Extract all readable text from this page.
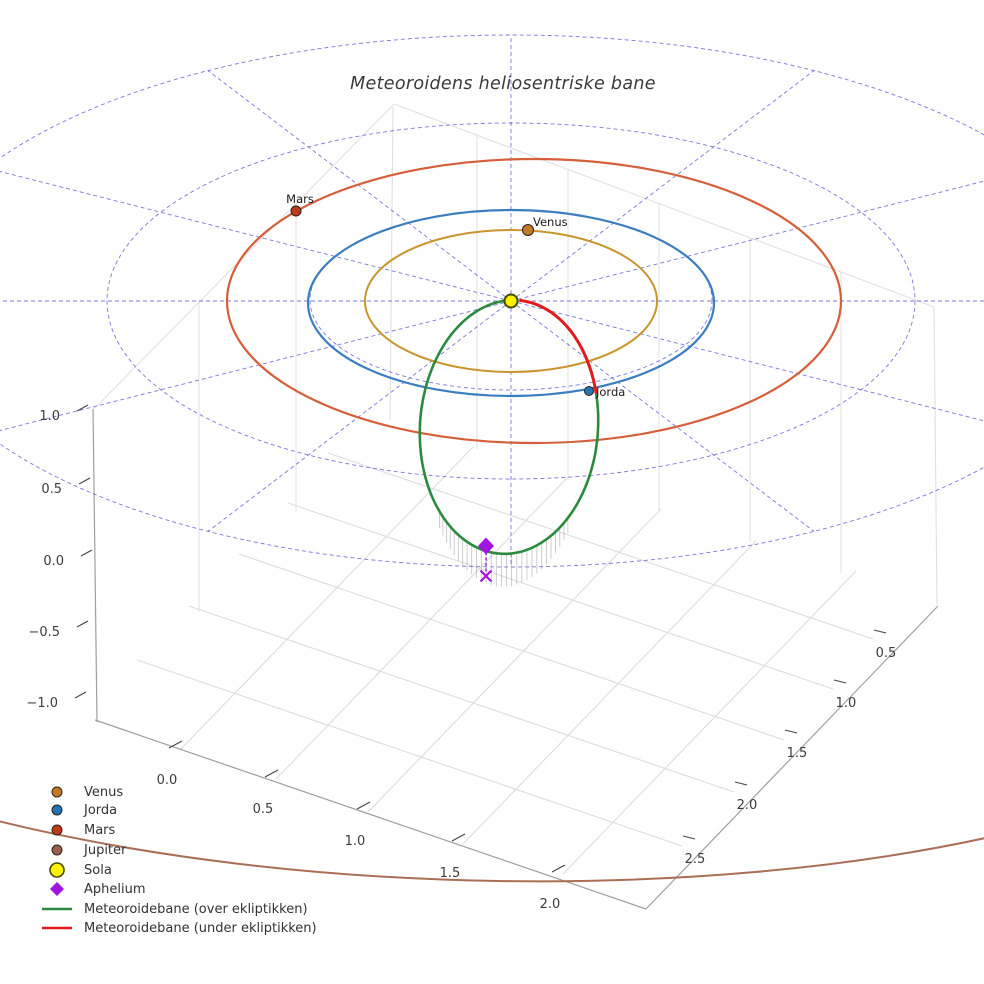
Mars
Venus
Jorda
0.0
0.5
1.0
1.5
2.0
0.5
1.0
1.5
2.0
2.5
1.0
0.5
0.0
−0.5
−1.0
Venus
Jorda
Mars
Jupiter
Sola
Aphelium
Meteoroidebane (over ekliptikken)
Meteoroidebane (under ekliptikken)
Meteoroidens heliosentriske bane
